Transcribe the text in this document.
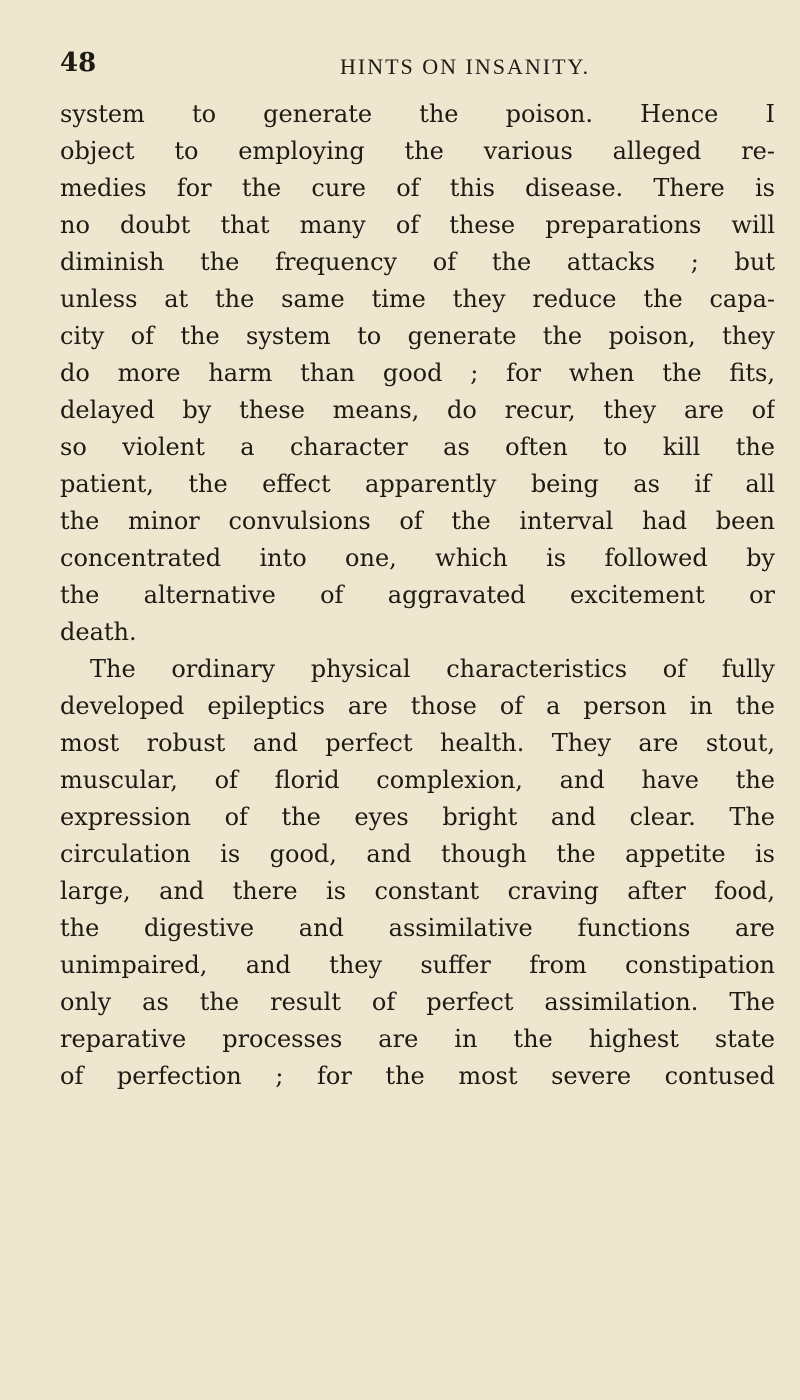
48	HINTS ON INSANITY.
system to generate the poison. Hence I
object to employing the various alleged re-
medies for the cure of this disease. There is
no doubt that many of these preparations will
diminish the frequency of the attacks ; but
unless at the same time they reduce the capa-
city of the system to generate the poison, they
do more harm than good ; for when the fits,
delayed by these means, do recur, they are of
so violent a character as often to kill the
patient, the effect apparently being as if all
the minor convulsions of the interval had been
concentrated into one, which is followed by
the alternative of aggravated excitement or
death.
The ordinary physical characteristics of fully
developed epileptics are those of a person in the
most robust and perfect health. They are stout,
muscular, of florid complexion, and have the
expression of the eyes bright and clear. The
circulation is good, and though the appetite is
large, and there is constant craving after food,
the digestive and assimilative functions are
unimpaired, and they suffer from constipation
only as the result of perfect assimilation. The
reparative processes are in the highest state
of perfection ; for the most severe contused
